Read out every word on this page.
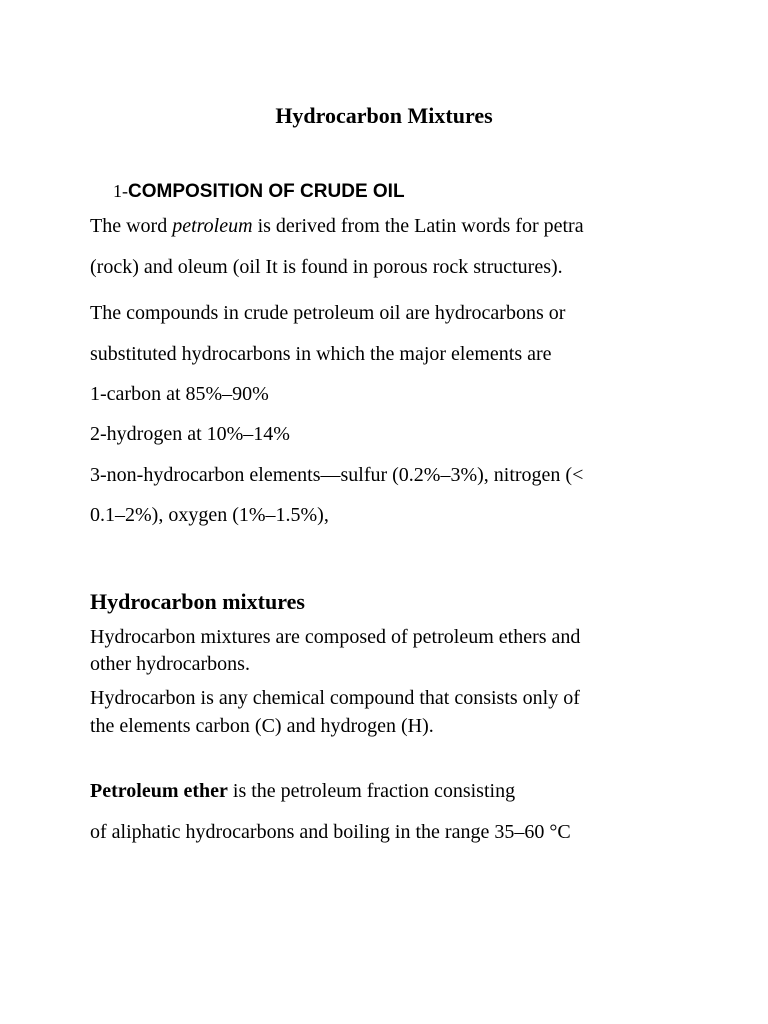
Hydrocarbon Mixtures
1-COMPOSITION OF CRUDE OIL
The word petroleum is derived from the Latin words for petra
(rock) and oleum (oil It is found in porous rock structures).
The compounds in crude petroleum oil are hydrocarbons or
substituted hydrocarbons in which the major elements are
1-carbon at 85%–90%
2-hydrogen at 10%–14%
3-non-hydrocarbon elements—sulfur (0.2%–3%), nitrogen (<
0.1–2%), oxygen (1%–1.5%),
Hydrocarbon mixtures
Hydrocarbon mixtures are composed of petroleum ethers and
other hydrocarbons.
Hydrocarbon is any chemical compound that consists only of
the elements carbon (C) and hydrogen (H).
Petroleum ether is the petroleum fraction consisting
of aliphatic hydrocarbons and boiling in the range 35–60 °C
